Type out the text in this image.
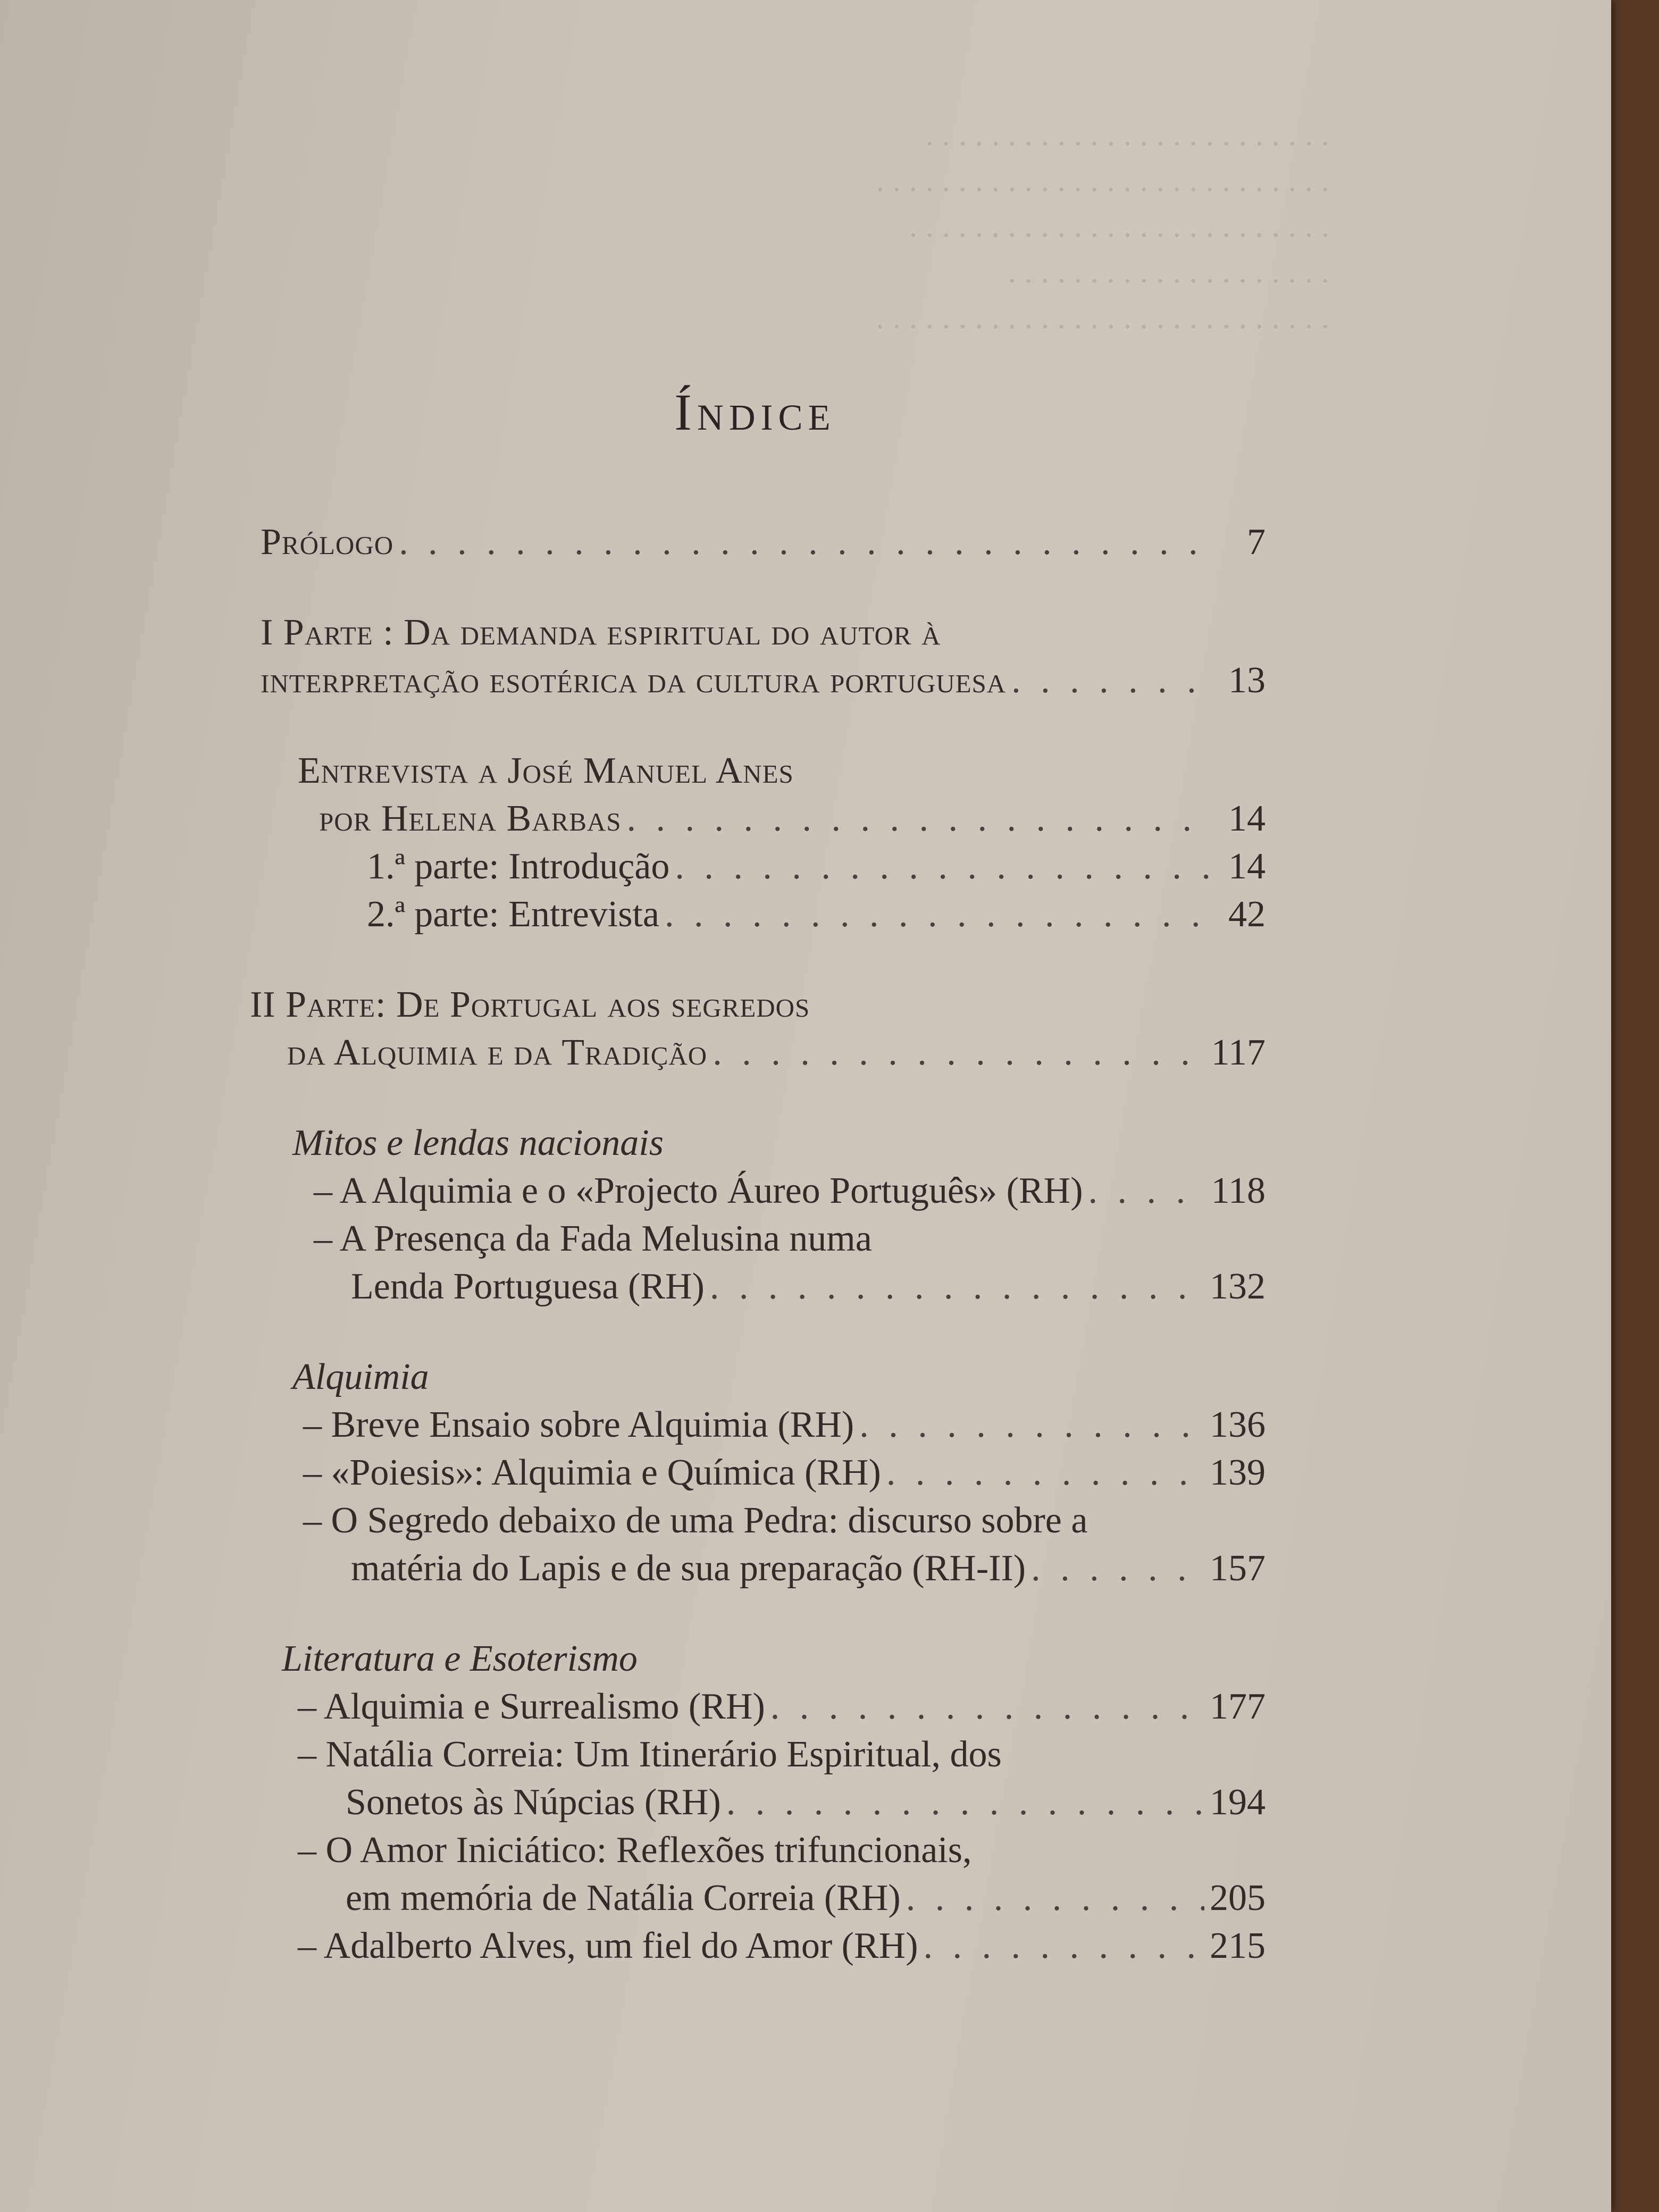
. . . . . . . . . . . . . . . . . . . . . . . . .
. . . . . . . . . . . . . . . . . . . . . . . . . . . .
. . . . . . . . . . . . . . . . . . . . . . . . . .
. . . . . . . . . . . . . . . . . . . .
. . . . . . . . . . . . . . . . . . . . . . . . . . . .
Índice
Prólogo . . .	7
I Parte : Da demanda espiritual do autor à
interpretação esotérica da cultura portuguesa . . .	13
Entrevista a José Manuel Anes
por Helena Barbas . . .	14
1.ª parte: Introdução . . .	14
2.ª parte: Entrevista . . .	42
II Parte: De Portugal aos segredos
da Alquimia e da Tradição . . .	117
Mitos e lendas nacionais
– A Alquimia e o «Projecto Áureo Português» (RH) . . .	118
– A Presença da Fada Melusina numa
Lenda Portuguesa (RH) . . .	132
Alquimia
– Breve Ensaio sobre Alquimia (RH) . . .	136
– «Poiesis»: Alquimia e Química (RH) . . .	139
– O Segredo debaixo de uma Pedra: discurso sobre a
matéria do Lapis e de sua preparação (RH-II) . . .	157
Literatura e Esoterismo
– Alquimia e Surrealismo (RH) . . .	177
– Natália Correia: Um Itinerário Espiritual, dos
Sonetos às Núpcias (RH) . . .	194
– O Amor Iniciático: Reflexões trifuncionais,
em memória de Natália Correia (RH) . . .	205
– Adalberto Alves, um fiel do Amor (RH) . . .	215
